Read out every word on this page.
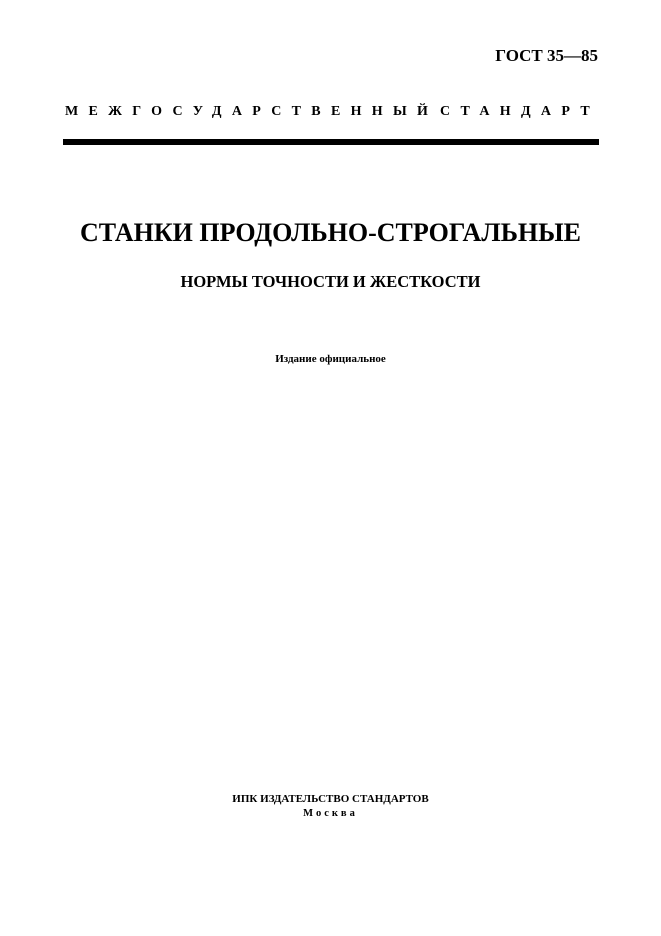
ГОСТ 35—85
МЕЖГОСУДАРСТВЕННЫЙ СТАНДАРТ
СТАНКИ ПРОДОЛЬНО-СТРОГАЛЬНЫЕ
НОРМЫ ТОЧНОСТИ И ЖЕСТКОСТИ
Издание официальное
ИПК ИЗДАТЕЛЬСТВО СТАНДАРТОВ
Москва
